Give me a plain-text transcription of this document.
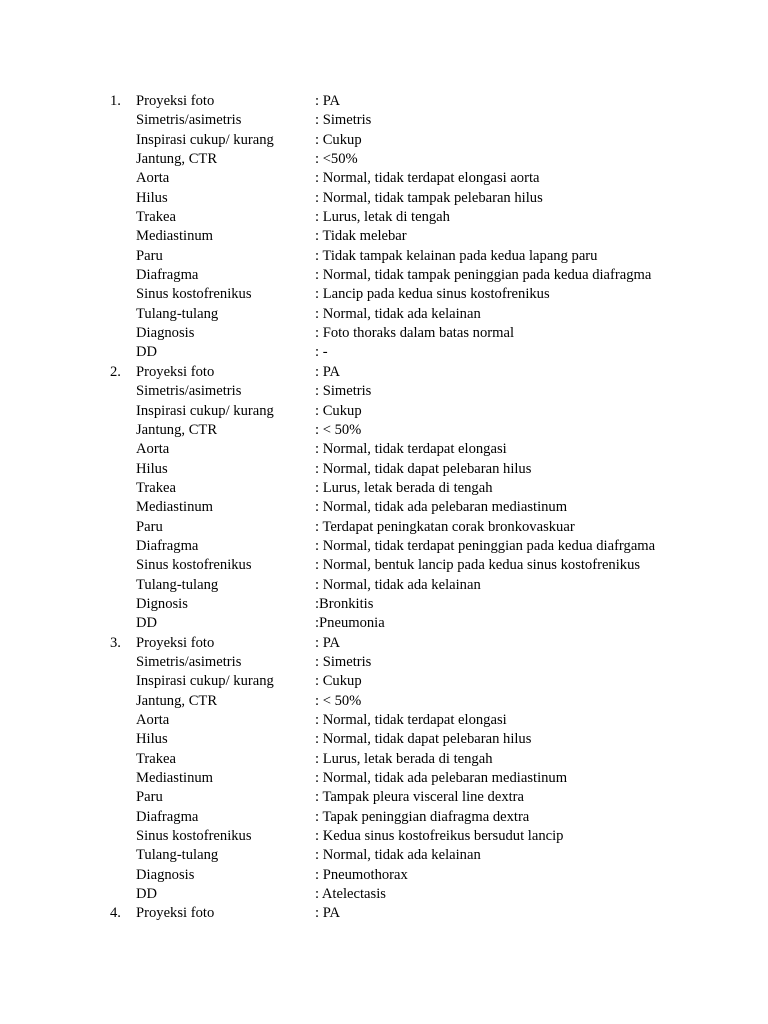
1.	Proyeksi foto	: PA
Simetris/asimetris	: Simetris
Inspirasi cukup/ kurang	: Cukup
Jantung, CTR	: <50%
Aorta	: Normal, tidak terdapat elongasi aorta
Hilus	: Normal, tidak tampak pelebaran hilus
Trakea	: Lurus, letak di tengah
Mediastinum	: Tidak melebar
Paru	: Tidak tampak kelainan pada kedua lapang paru
Diafragma	: Normal, tidak tampak peninggian pada kedua diafragma
Sinus kostofrenikus	: Lancip pada kedua sinus kostofrenikus
Tulang-tulang	: Normal, tidak ada kelainan
Diagnosis	: Foto thoraks dalam batas normal
DD	: -
2.	Proyeksi foto	: PA
Simetris/asimetris	: Simetris
Inspirasi cukup/ kurang	: Cukup
Jantung, CTR	: < 50%
Aorta	: Normal, tidak terdapat elongasi
Hilus	: Normal, tidak dapat pelebaran hilus
Trakea	: Lurus, letak berada di tengah
Mediastinum	: Normal, tidak ada pelebaran mediastinum
Paru	: Terdapat peningkatan corak bronkovaskuar
Diafragma	: Normal, tidak terdapat peninggian pada kedua diafrgama
Sinus kostofrenikus	: Normal, bentuk lancip pada kedua sinus kostofrenikus
Tulang-tulang	: Normal, tidak ada kelainan
Dignosis	:Bronkitis
DD	:Pneumonia
3.	Proyeksi foto	: PA
Simetris/asimetris	: Simetris
Inspirasi cukup/ kurang	: Cukup
Jantung, CTR	: < 50%
Aorta	: Normal, tidak terdapat elongasi
Hilus	: Normal, tidak dapat pelebaran hilus
Trakea	: Lurus, letak berada di tengah
Mediastinum	: Normal, tidak ada pelebaran mediastinum
Paru	: Tampak pleura visceral line dextra
Diafragma	: Tapak peninggian diafragma dextra
Sinus kostofrenikus	: Kedua sinus kostofreikus bersudut lancip
Tulang-tulang	: Normal, tidak ada kelainan
Diagnosis	: Pneumothorax
DD	: Atelectasis
4.	Proyeksi foto	: PA
